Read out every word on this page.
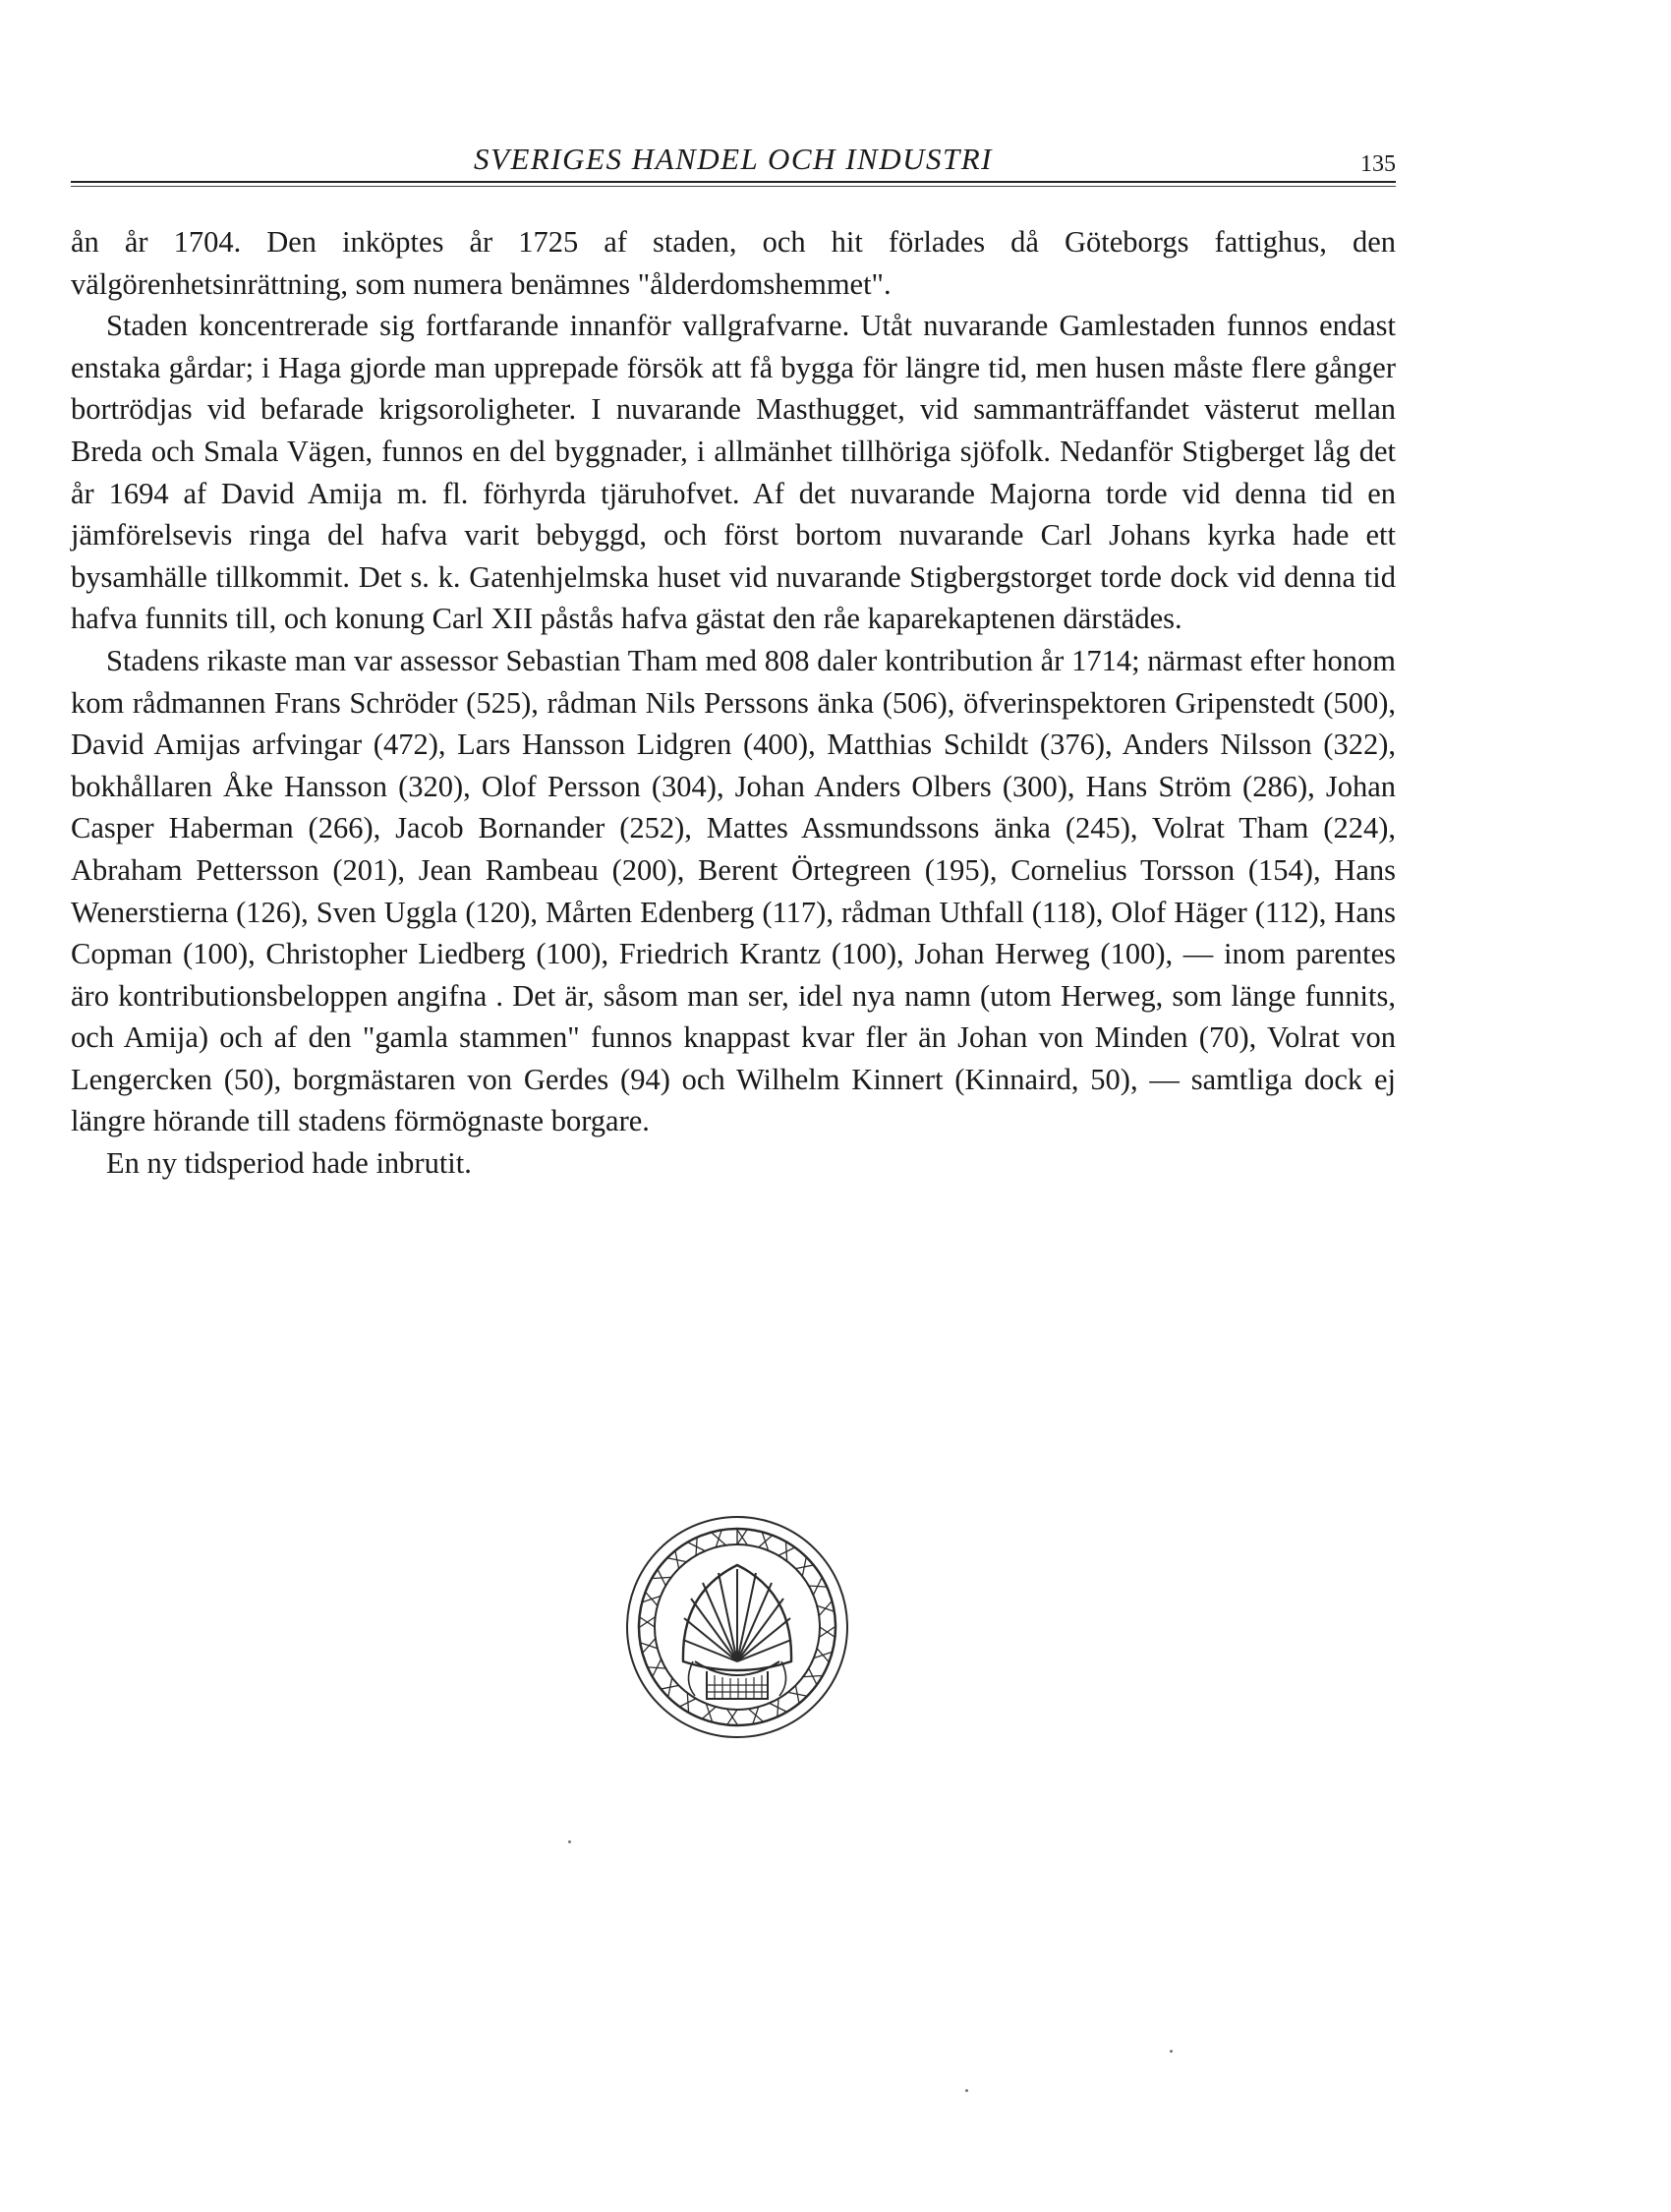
SVERIGES HANDEL OCH INDUSTRI	135

ån år 1704. Den inköptes år 1725 af staden, och hit förlades då Göteborgs fattighus, den välgörenhetsinrättning, som numera benämnes "ålderdomshemmet".

Staden koncentrerade sig fortfarande innanför vallgrafvarne. Utåt nuvarande Gamlestaden funnos endast enstaka gårdar; i Haga gjorde man upprepade försök att få bygga för längre tid, men husen måste flere gånger bortrödjas vid befarade krigsoroligheter. I nuvarande Masthugget, vid sammanträffandet västerut mellan Breda och Smala Vägen, funnos en del byggnader, i allmänhet tillhöriga sjöfolk. Nedanför Stigberget låg det år 1694 af David Amija m. fl. förhyrda tjäruhofvet. Af det nuvarande Majorna torde vid denna tid en jämförelsevis ringa del hafva varit bebyggd, och först bortom nuvarande Carl Johans kyrka hade ett bysamhälle tillkommit. Det s. k. Gatenhjelmska huset vid nuvarande Stigbergstorget torde dock vid denna tid hafva funnits till, och konung Carl XII påstås hafva gästat den råe kaparekaptenen därstädes.

Stadens rikaste man var assessor Sebastian Tham med 808 daler kontribution år 1714; närmast efter honom kom rådmannen Frans Schröder (525), rådman Nils Perssons änka (506), öfverinspektoren Gripenstedt (500), David Amijas arfvingar (472), Lars Hansson Lidgren (400), Matthias Schildt (376), Anders Nilsson (322), bokhållaren Åke Hansson (320), Olof Persson (304), Johan Anders Olbers (300), Hans Ström (286), Johan Casper Haberman (266), Jacob Bornander (252), Mattes Assmundssons änka (245), Volrat Tham (224), Abraham Pettersson (201), Jean Rambeau (200), Berent Örtegreen (195), Cornelius Torsson (154), Hans Wenerstierna (126), Sven Uggla (120), Mårten Edenberg (117), rådman Uthfall (118), Olof Häger (112), Hans Copman (100), Christopher Liedberg (100), Friedrich Krantz (100), Johan Herweg (100), — inom parentes äro kontributionsbeloppen angifna . Det är, såsom man ser, idel nya namn (utom Herweg, som länge funnits, och Amija) och af den "gamla stammen" funnos knappast kvar fler än Johan von Minden (70), Volrat von Lengercken (50), borgmästaren von Gerdes (94) och Wilhelm Kinnert (Kinnaird, 50), — samtliga dock ej längre hörande till stadens förmögnaste borgare.

En ny tidsperiod hade inbrutit.
